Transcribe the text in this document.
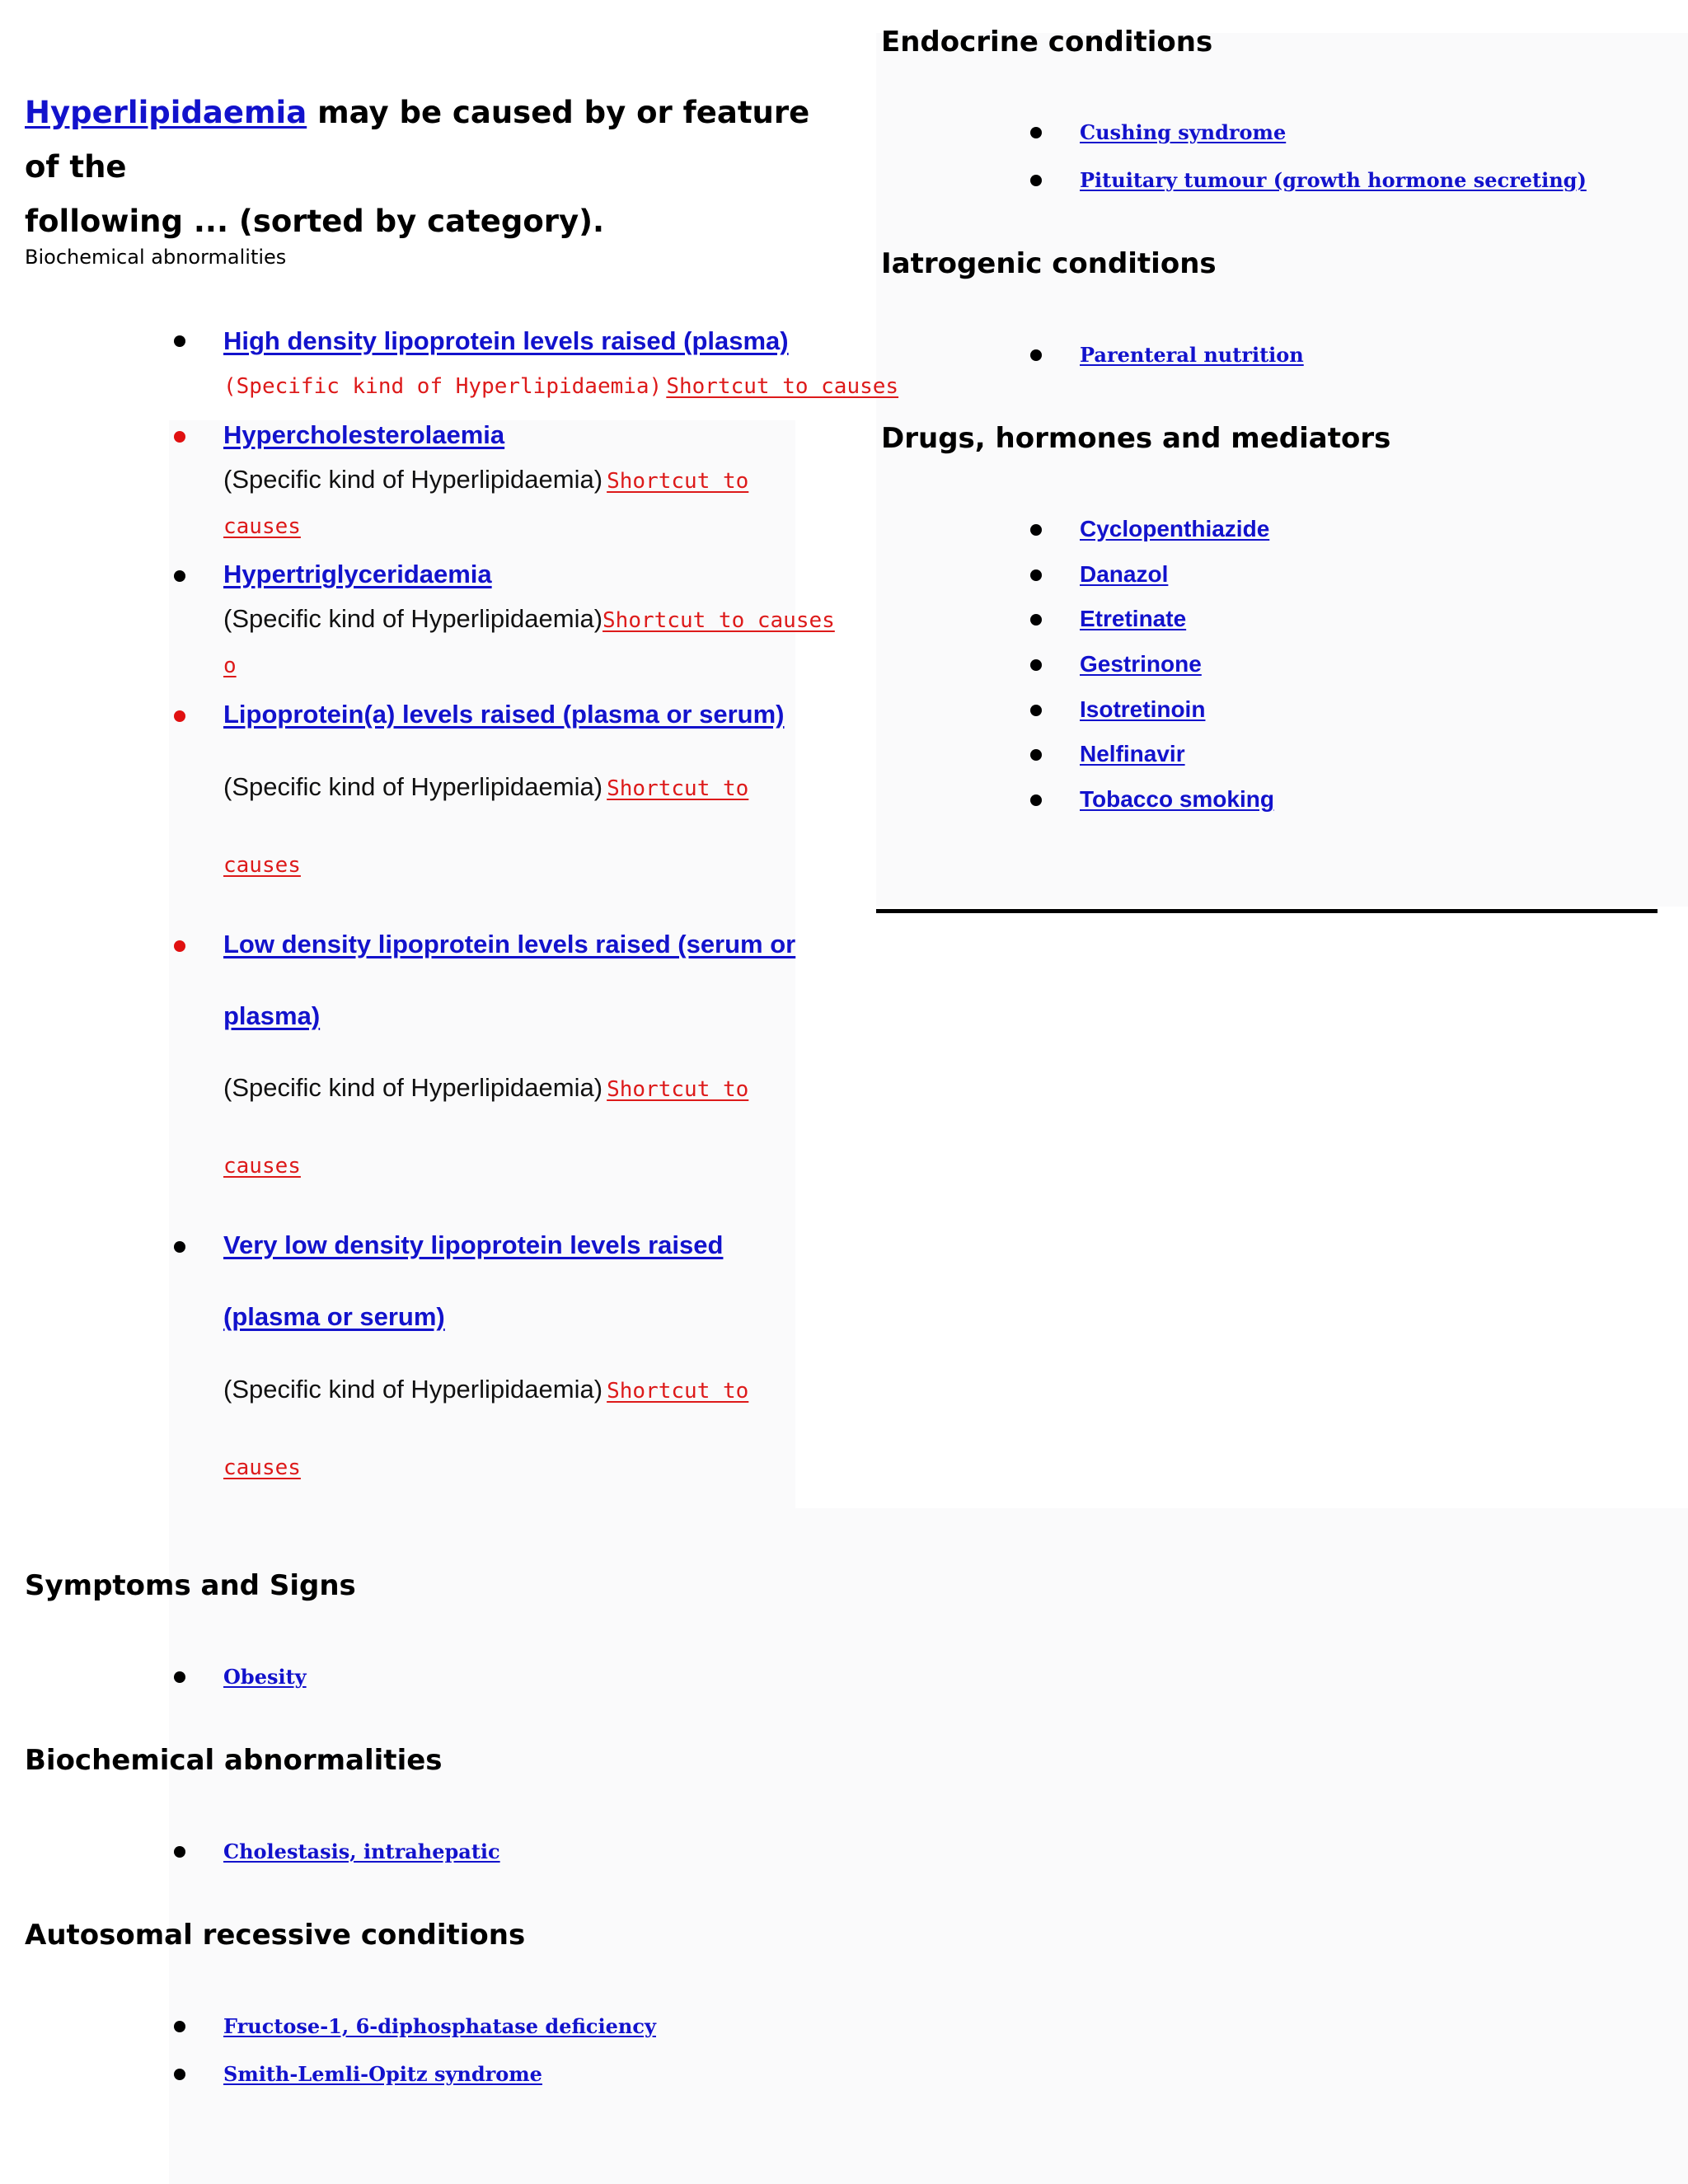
Hyperlipidaemia may be caused by or feature of the
following ... (sorted by category).
Biochemical abnormalities
High density lipoprotein levels raised (plasma)
(Specific kind of Hyperlipidaemia) Shortcut to causes
Hypercholesterolaemia
(Specific kind of Hyperlipidaemia) Shortcut to
causes
Hypertriglyceridaemia
(Specific kind of Hyperlipidaemia)Shortcut to causes
o
Lipoprotein(a) levels raised (plasma or serum)
(Specific kind of Hyperlipidaemia) Shortcut to
causes
Low density lipoprotein levels raised (serum or
plasma)
(Specific kind of Hyperlipidaemia) Shortcut to
causes
Very low density lipoprotein levels raised
(plasma or serum)
(Specific kind of Hyperlipidaemia) Shortcut to
causes
Symptoms and Signs
Obesity
Biochemical abnormalities
Cholestasis, intrahepatic
Autosomal recessive conditions
Fructose-1, 6-diphosphatase deficiency
Smith-Lemli-Opitz syndrome
Endocrine conditions
Cushing syndrome
Pituitary tumour (growth hormone secreting)
Iatrogenic conditions
Parenteral nutrition
Drugs, hormones and mediators
Cyclopenthiazide
Danazol
Etretinate
Gestrinone
Isotretinoin
Nelfinavir
Tobacco smoking
